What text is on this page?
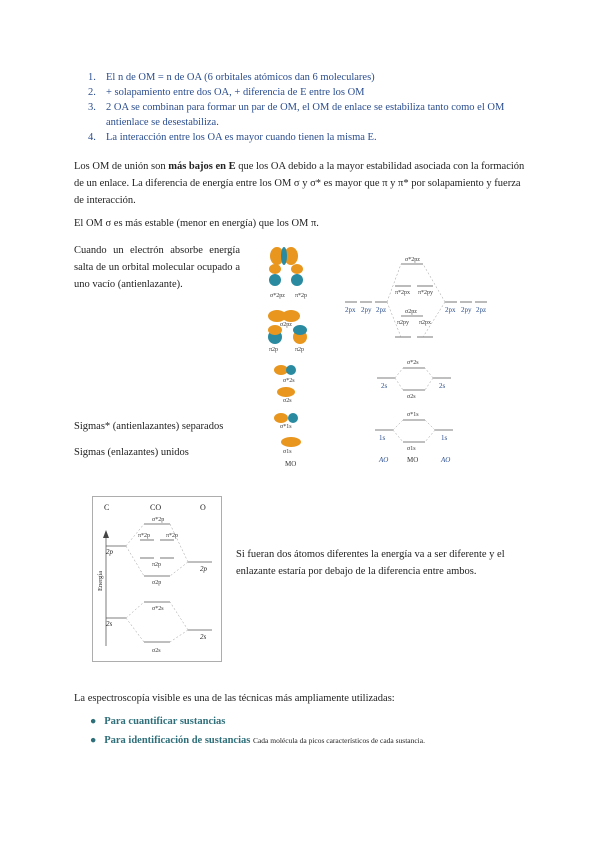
1. El n de OM = n de OA (6 orbitales atómicos dan 6 moleculares)
2. + solapamiento entre dos OA, + diferencia de E entre los OM
3. 2 OA se combinan para formar un par de OM, el OM de enlace se estabiliza tanto como el OM antienlace se desestabiliza.
4. La interacción entre los OA es mayor cuando tienen la misma E.
Los OM de unión son más bajos en E que los OA debido a la mayor estabilidad asociada con la formación de un enlace. La diferencia de energía entre los OM σ y σ* es mayor que π y π* por solapamiento y fuerza de interacción.
El OM σ es más estable (menor en energía) que los OM π.
Cuando un electrón absorbe energía salta de un orbital molecular ocupado a uno vacío (antienlazante).
Sigmas* (antienlazantes) separados
Sigmas (enlazantes) unidos
σ*2pz π*2p
σ2pz
π2p	π2p
σ*2s
σ2s
σ*1s
σ1s
MO
σ*2pz
π*2px π*2py
σ2pz
π2py π2px
σ*2s
σ2s
σ*1s
σ1s
2px 2py 2pz	2px 2py 2pz
2s	2s
1s	1s
AO	MO	AO
C	CO	O
Energía
σ*2p
π*2p	π*2p
σ2p
π2p
σ*2s
σ2s
2p
2p
2s
2s
Si fueran dos átomos diferentes la energía va a ser diferente y el enlazante estaría por debajo de la diferencia entre ambos.
La espectroscopía visible es una de las técnicas más ampliamente utilizadas:
● Para cuantificar sustancias
● Para identificación de sustancias Cada molécula da picos característicos de cada sustancia.
